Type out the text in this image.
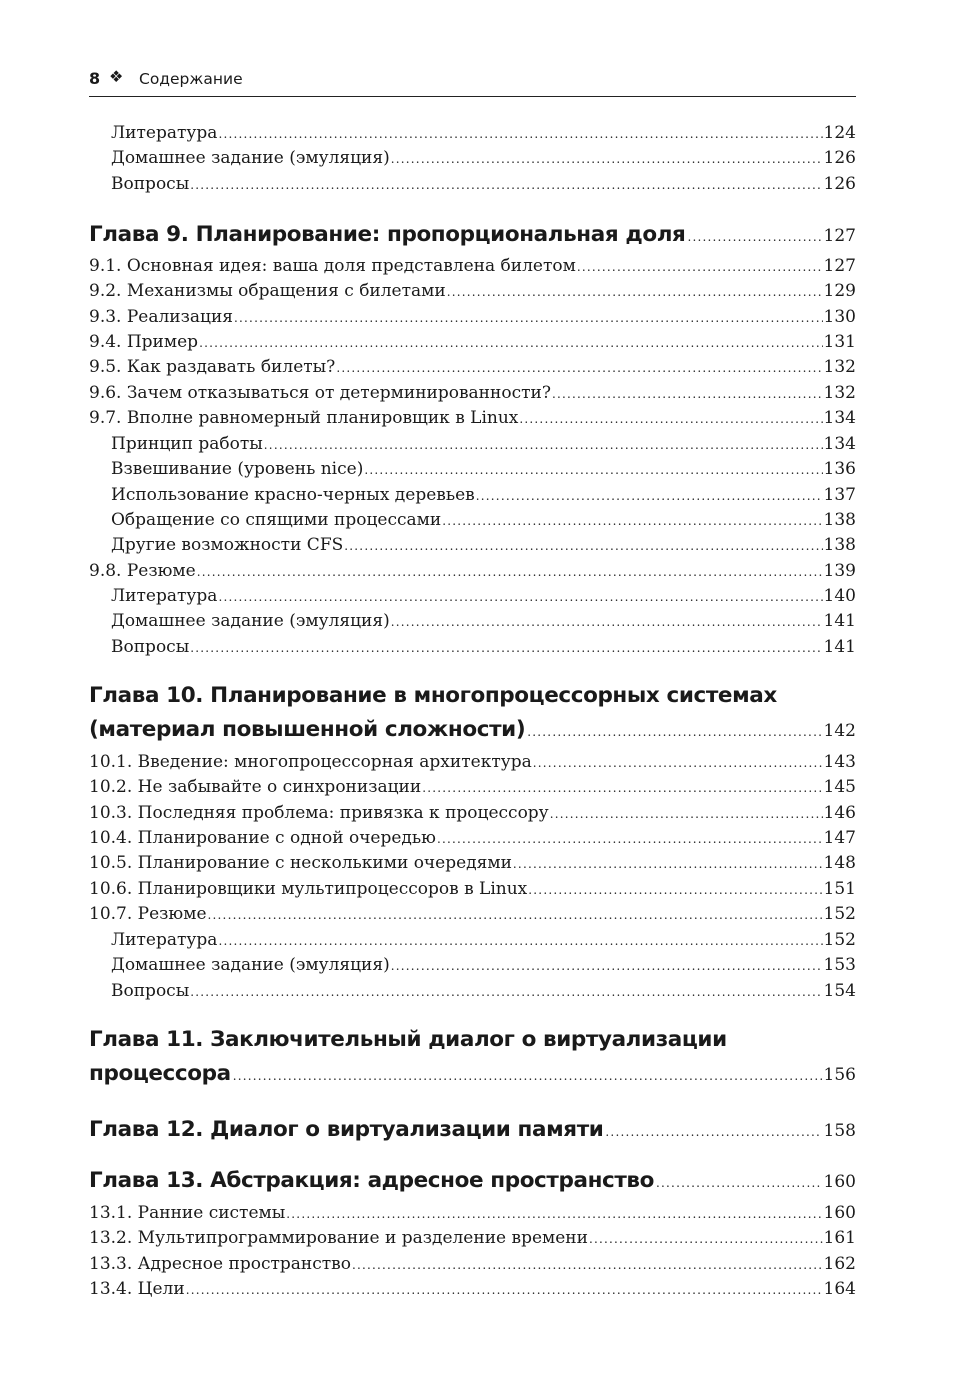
8 ❖ Содержание
Литература .....	124
Домашнее задание (эмуляция) .....	126
Вопросы .....	126
Глава 9. Планирование: пропорциональная доля .....	127
9.1. Основная идея: ваша доля представлена билетом .....	127
9.2. Механизмы обращения с билетами .....	129
9.3. Реализация .....	130
9.4. Пример .....	131
9.5. Как раздавать билеты? .....	132
9.6. Зачем отказываться от детерминированности? .....	132
9.7. Вполне равномерный планировщик в Linux .....	134
Принцип работы .....	134
Взвешивание (уровень nice) .....	136
Использование красно-черных деревьев .....	137
Обращение со спящими процессами .....	138
Другие возможности CFS .....	138
9.8. Резюме .....	139
Литература .....	140
Домашнее задание (эмуляция) .....	141
Вопросы .....	141
Глава 10. Планирование в многопроцессорных системах
(материал повышенной сложности) .....	142
10.1. Введение: многопроцессорная архитектура .....	143
10.2. Не забывайте о синхронизации .....	145
10.3. Последняя проблема: привязка к процессору .....	146
10.4. Планирование с одной очередью .....	147
10.5. Планирование с несколькими очередями .....	148
10.6. Планировщики мультипроцессоров в Linux .....	151
10.7. Резюме .....	152
Литература .....	152
Домашнее задание (эмуляция) .....	153
Вопросы .....	154
Глава 11. Заключительный диалог о виртуализации
процессора .....	156
Глава 12. Диалог о виртуализации памяти .....	158
Глава 13. Абстракция: адресное пространство .....	160
13.1. Ранние системы .....	160
13.2. Мультипрограммирование и разделение времени .....	161
13.3. Адресное пространство .....	162
13.4. Цели .....	164
